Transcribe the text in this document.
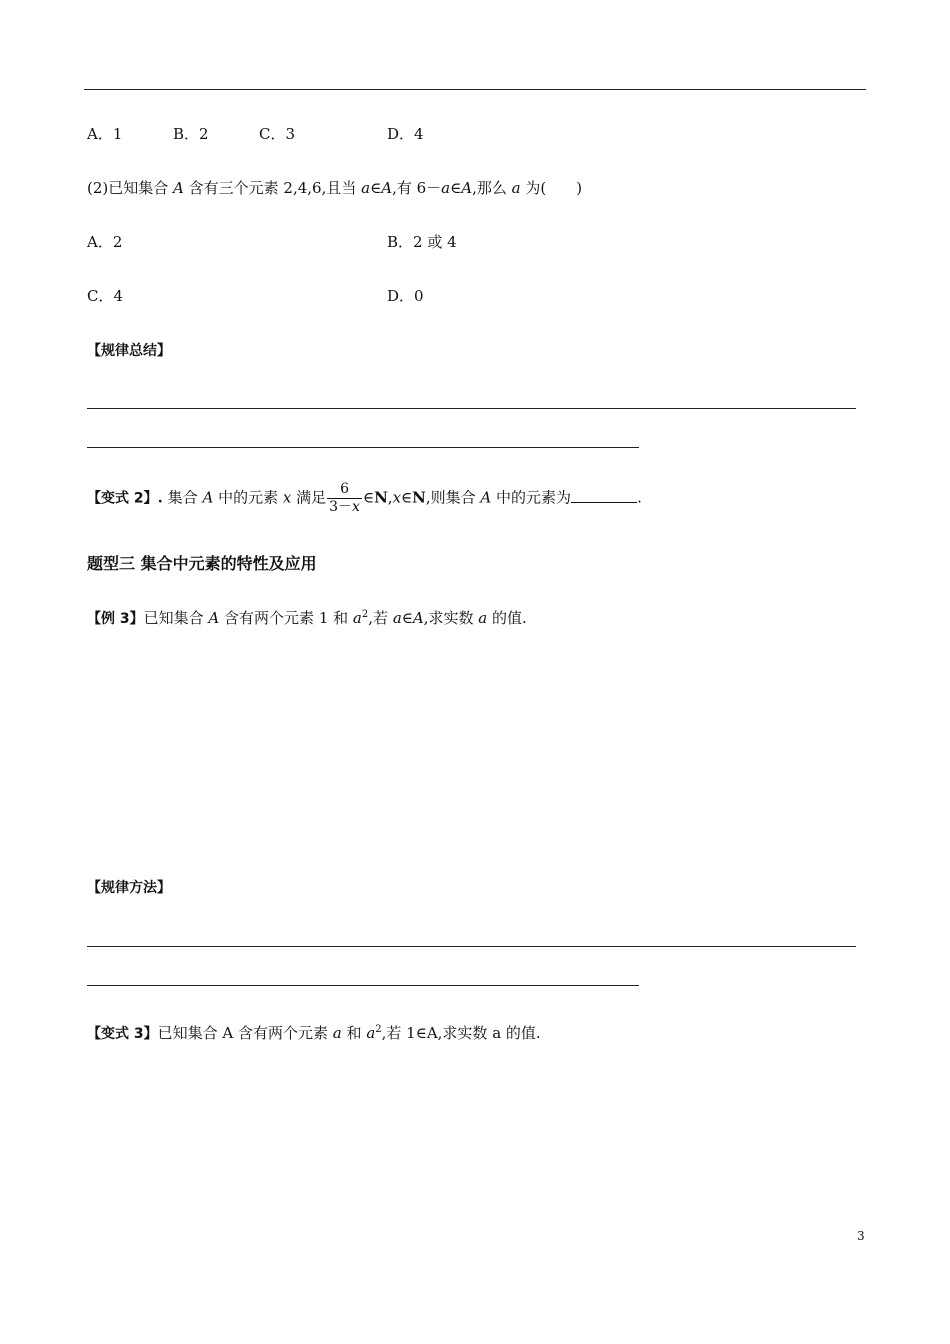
A．1	B．2	C．3	D．4
(2)已知集合 A 含有三个元素 2,4,6,且当 a∈A,有 6－a∈A,那么 a 为(　　)
A．2	B．2 或 4
C．4	D．0
【规律总结】
【变式 2】. 集合 A 中的元素 x 满足 $\frac{6}{3-x}$ ∈N,x∈N,则集合 A 中的元素为	.
题型三 集合中元素的特性及应用
【例 3】已知集合 A 含有两个元素 1 和 $a^2$,若 a∈A,求实数 a 的值.
【规律方法】
【变式 3】已知集合 A 含有两个元素 a 和 $a^2$,若 1∈A,求实数 a 的值.
3
